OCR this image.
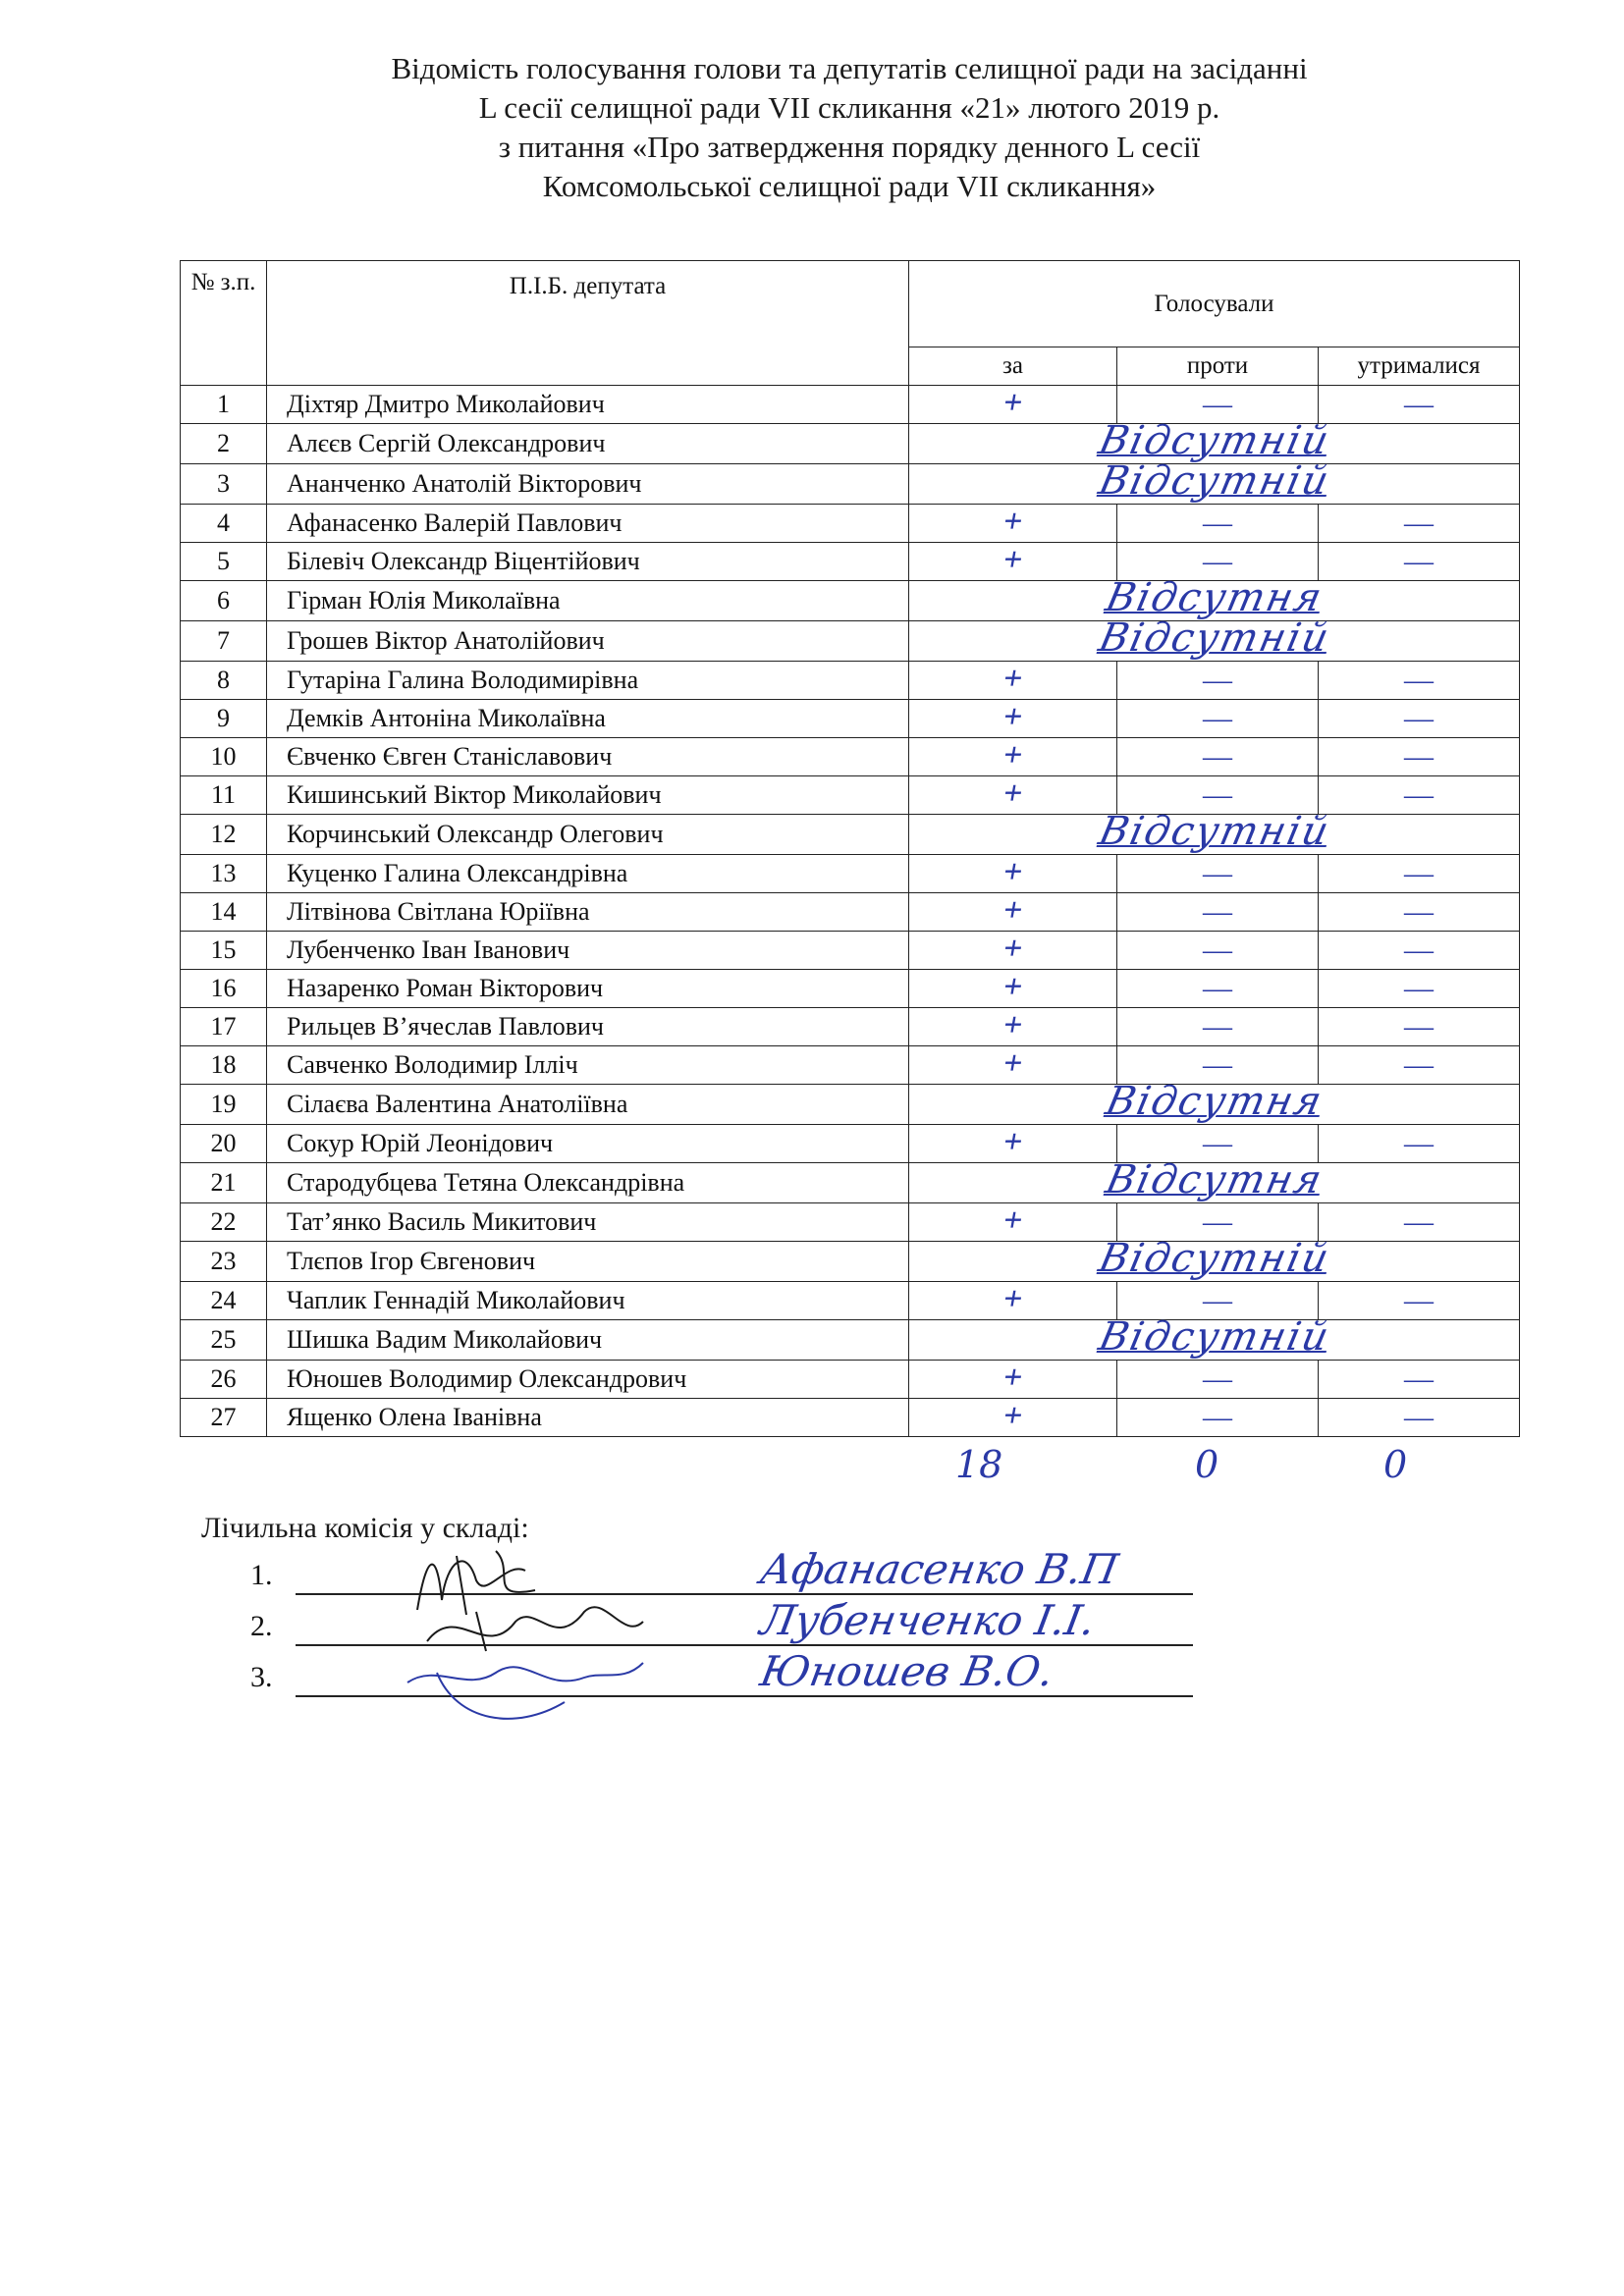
Відомість голосування голови та депутатів селищної ради на засіданні
L сесії селищної ради VII скликання «21» лютого 2019 р.
з питання «Про затвердження порядку денного L сесії
Комсомольської селищної ради VII скликання»
№ з.п.	П.І.Б. депутата	Голосували		
		за	проти	утрималися
1	Діхтяр Дмитро Миколайович	+	—	—
2	Алєєв Сергій Олександрович	Відсутній		
3	Ананченко Анатолій Вікторович	Відсутній		
4	Афанасенко Валерій Павлович	+	—	—
5	Білевіч Олександр Віцентійович	+	—	—
6	Гірман Юлія Миколаївна	Відсутня		
7	Грошев Віктор Анатолійович	Відсутній		
8	Гутаріна Галина Володимирівна	+	—	—
9	Демків Антоніна Миколаївна	+	—	—
10	Євченко Євген Станіславович	+	—	—
11	Кишинський Віктор Миколайович	+	—	—
12	Корчинський Олександр Олегович	Відсутній		
13	Куценко Галина Олександрівна	+	—	—
14	Літвінова Світлана Юріївна	+	—	—
15	Лубенченко Іван Іванович	+	—	—
16	Назаренко Роман Вікторович	+	—	—
17	Рильцев В’ячеслав Павлович	+	—	—
18	Савченко Володимир Ілліч	+	—	—
19	Сілаєва Валентина Анатоліївна	Відсутня		
20	Сокур Юрій Леонідович	+	—	—
21	Стародубцева Тетяна Олександрівна	Відсутня		
22	Тат’янко Василь Микитович	+	—	—
23	Тлєпов Ігор Євгенович	Відсутній		
24	Чаплик Геннадій Миколайович	+	—	—
25	Шишка Вадим Миколайович	Відсутній		
26	Юношев Володимир Олександрович	+	—	—
27	Ященко Олена Іванівна	+	—	—
18	0	0
Лічильна комісія у складі:
1.	Афанасенко В.П
2.	Лубенченко І.І.
3.	Юношев В.О.
